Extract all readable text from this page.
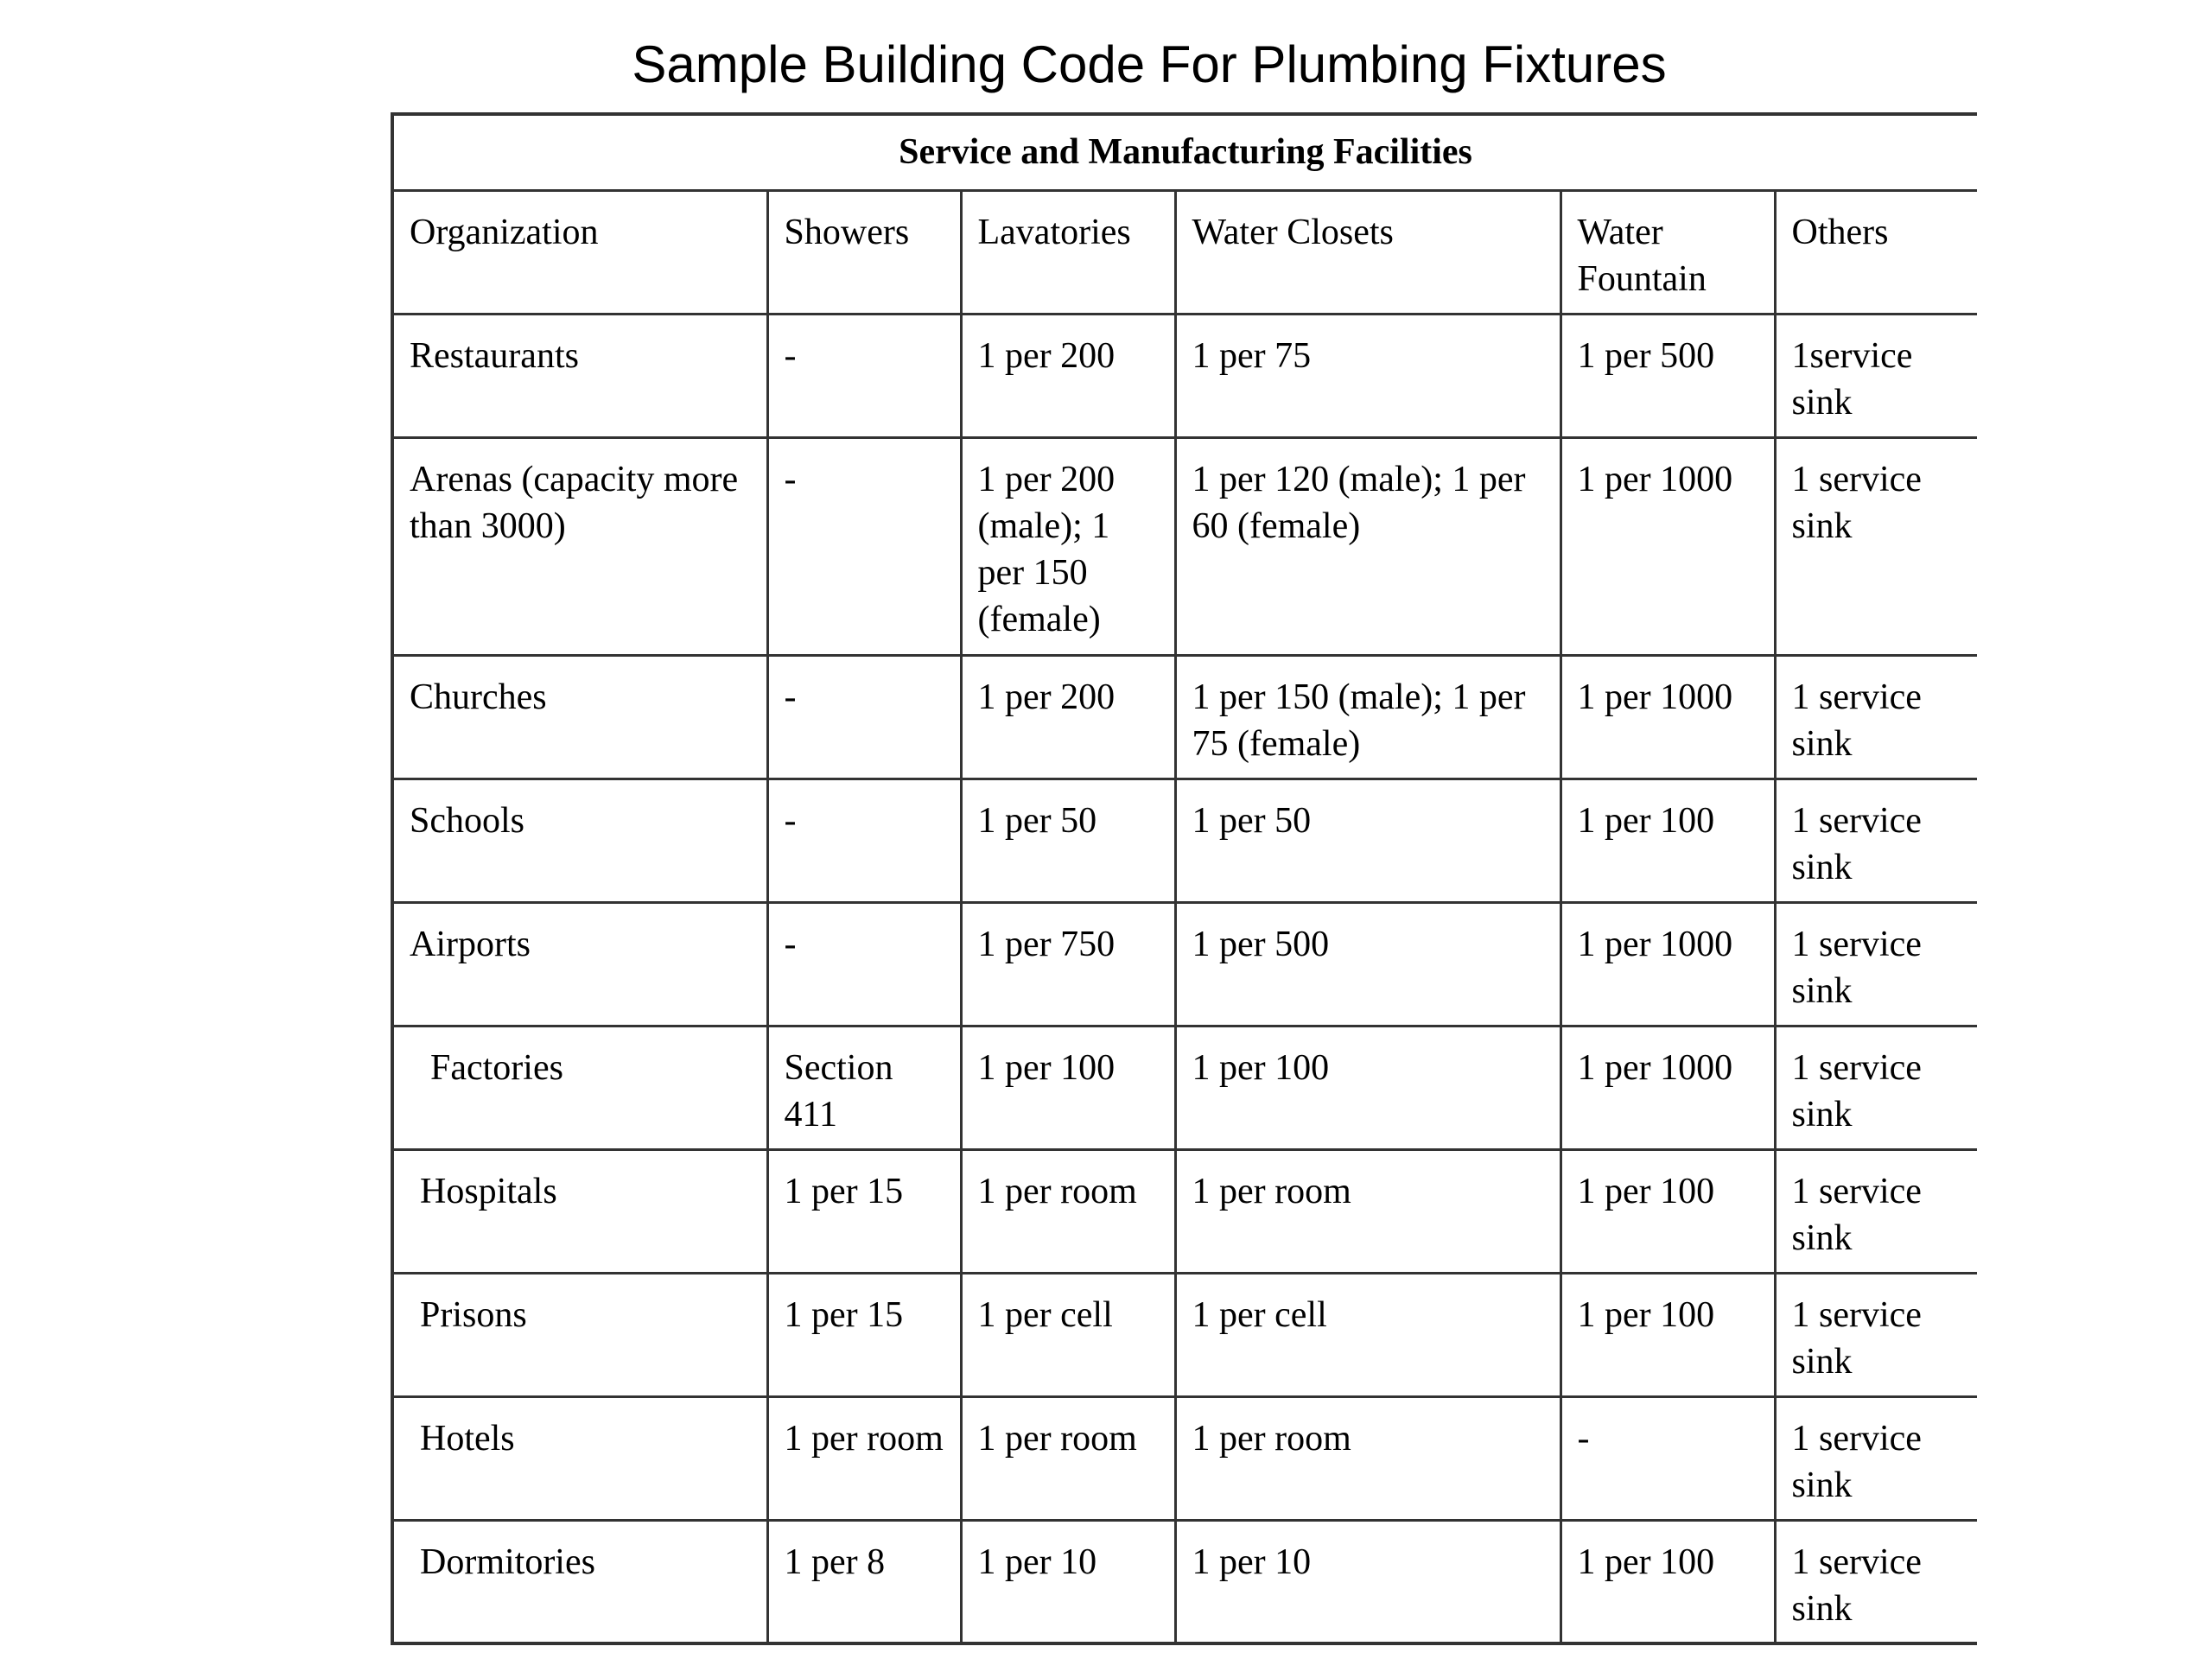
Sample Building Code For Plumbing Fixtures
Service and Manufacturing Facilities					
Organization	Showers	Lavatories	Water Closets	Water Fountain	Others
Restaurants	-	1 per 200	1 per 75	1 per 500	1service sink
Arenas (capacity more than 3000)	-	1 per 200 (male); 1 per 150 (female)	1 per 120 (male); 1 per 60 (female)	1 per 1000	1 service sink
Churches	-	1 per 200	1 per 150 (male); 1 per 75 (female)	1 per 1000	1 service sink
Schools	-	1 per 50	1 per 50	1 per 100	1 service sink
Airports	-	1 per 750	1 per 500	1 per 1000	1 service sink
Factories	Section 411	1 per 100	1 per 100	1 per 1000	1 service sink
Hospitals	1 per 15	1 per room	1 per room	1 per 100	1 service sink
Prisons	1 per 15	1 per cell	1 per cell	1 per 100	1 service sink
Hotels	1 per room	1 per room	1 per room	-	1 service sink
Dormitories	1 per 8	1 per 10	1 per 10	1 per 100	1 service sink
